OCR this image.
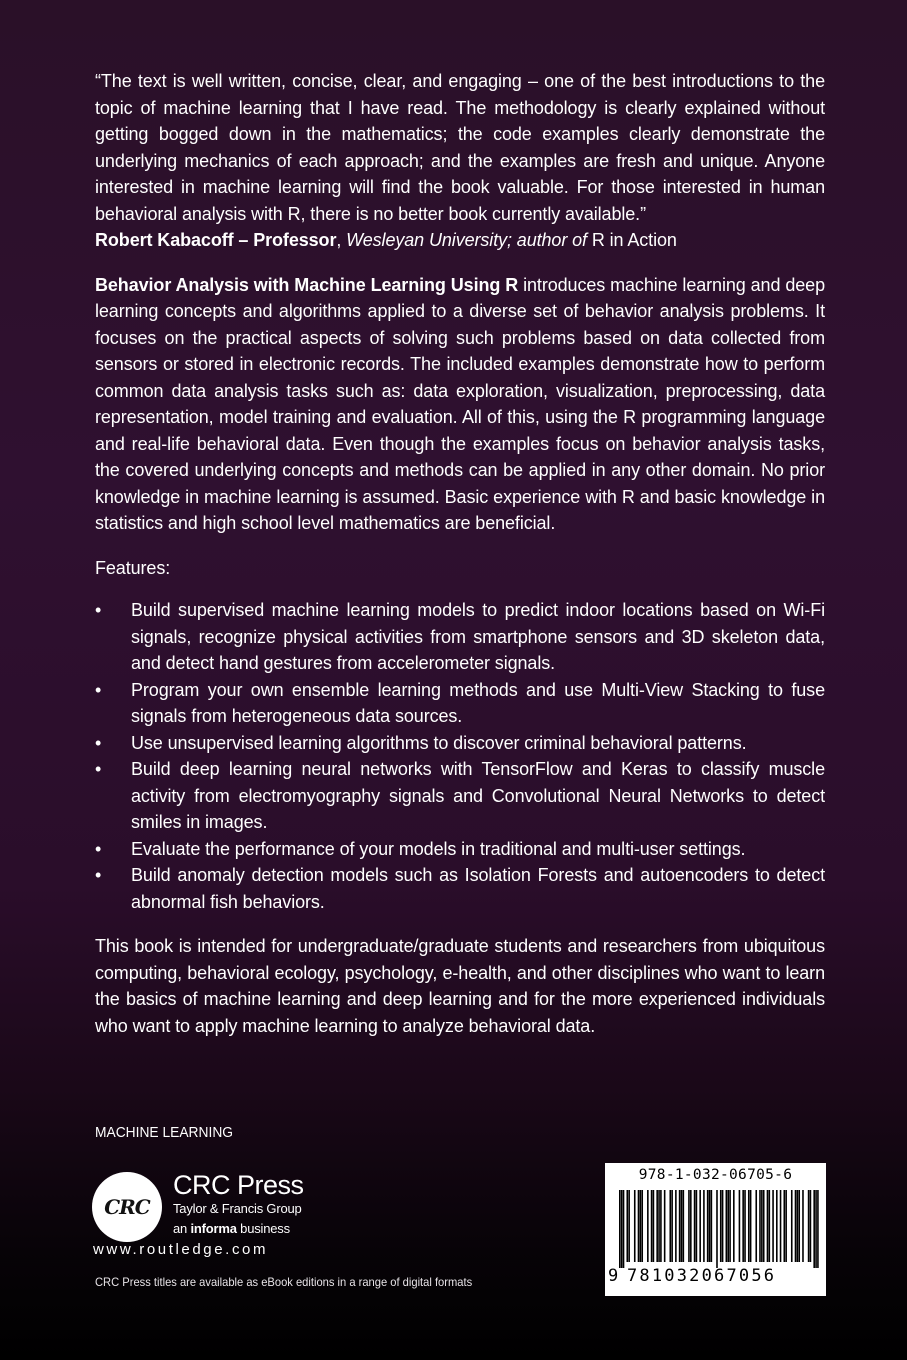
“The text is well written, concise, clear, and engaging – one of the best introductions to the topic of machine learning that I have read. The methodology is clearly explained without getting bogged down in the mathematics; the code examples clearly demonstrate the underlying mechanics of each approach; and the examples are fresh and unique. Anyone interested in machine learning will find the book valuable. For those interested in human behavioral analysis with R, there is no better book currently available.”
Robert Kabacoff – Professor, Wesleyan University; author of R in Action

Behavior Analysis with Machine Learning Using R introduces machine learning and deep learning concepts and algorithms applied to a diverse set of behavior analysis problems. It focuses on the practical aspects of solving such problems based on data collected from sensors or stored in electronic records. The included examples demonstrate how to perform common data analysis tasks such as: data exploration, visualization, preprocessing, data representation, model training and evaluation. All of this, using the R programming language and real-life behavioral data. Even though the examples focus on behavior analysis tasks, the covered underlying concepts and methods can be applied in any other domain. No prior knowledge in machine learning is assumed. Basic experience with R and basic knowledge in statistics and high school level mathematics are beneficial.

Features:

• Build supervised machine learning models to predict indoor locations based on Wi-Fi signals, recognize physical activities from smartphone sensors and 3D skeleton data, and detect hand gestures from accelerometer signals.
• Program your own ensemble learning methods and use Multi-View Stacking to fuse signals from heterogeneous data sources.
• Use unsupervised learning algorithms to discover criminal behavioral patterns.
• Build deep learning neural networks with TensorFlow and Keras to classify muscle activity from electromyography signals and Convolutional Neural Networks to detect smiles in images.
• Evaluate the performance of your models in traditional and multi-user settings.
• Build anomaly detection models such as Isolation Forests and autoencoders to detect abnormal fish behaviors.

This book is intended for undergraduate/graduate students and researchers from ubiquitous computing, behavioral ecology, psychology, e-health, and other disciplines who want to learn the basics of machine learning and deep learning and for the more experienced individuals who want to apply machine learning to analyze behavioral data.

MACHINE LEARNING
CRC
CRC Press
Taylor & Francis Group
an informa business
www.routledge.com
CRC Press titles are available as eBook editions in a range of digital formats
978-1-032-06705-6
9 781032067056
